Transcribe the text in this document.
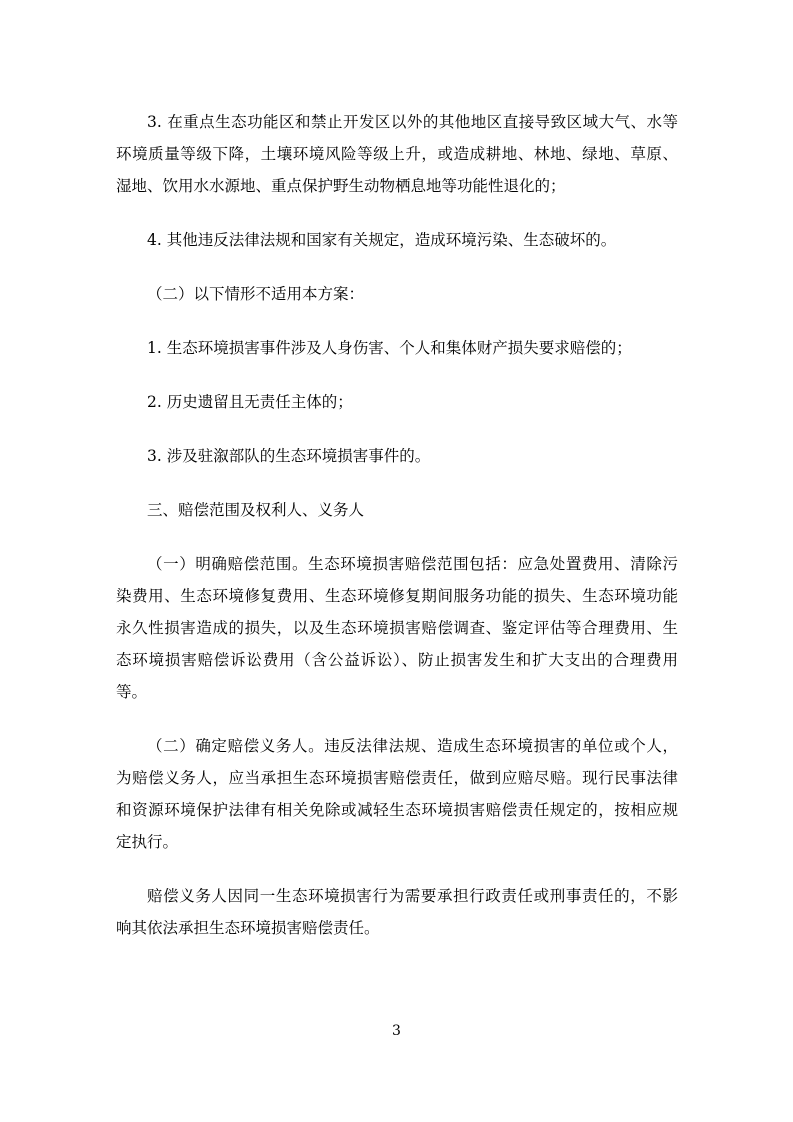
3. 在重点生态功能区和禁止开发区以外的其他地区直接导致区域大气、水等
环境质量等级下降，土壤环境风险等级上升，或造成耕地、林地、绿地、草原、
湿地、饮用水水源地、重点保护野生动物栖息地等功能性退化的；

4. 其他违反法律法规和国家有关规定，造成环境污染、生态破坏的。

（二）以下情形不适用本方案：

1. 生态环境损害事件涉及人身伤害、个人和集体财产损失要求赔偿的；

2. 历史遗留且无责任主体的；

3. 涉及驻溆部队的生态环境损害事件的。

三、赔偿范围及权利人、义务人

（一）明确赔偿范围。生态环境损害赔偿范围包括：应急处置费用、清除污
染费用、生态环境修复费用、生态环境修复期间服务功能的损失、生态环境功能
永久性损害造成的损失，以及生态环境损害赔偿调查、鉴定评估等合理费用、生
态环境损害赔偿诉讼费用（含公益诉讼）、防止损害发生和扩大支出的合理费用
等。

（二）确定赔偿义务人。违反法律法规、造成生态环境损害的单位或个人，
为赔偿义务人，应当承担生态环境损害赔偿责任，做到应赔尽赔。现行民事法律
和资源环境保护法律有相关免除或减轻生态环境损害赔偿责任规定的，按相应规
定执行。

赔偿义务人因同一生态环境损害行为需要承担行政责任或刑事责任的，不影
响其依法承担生态环境损害赔偿责任。

3
